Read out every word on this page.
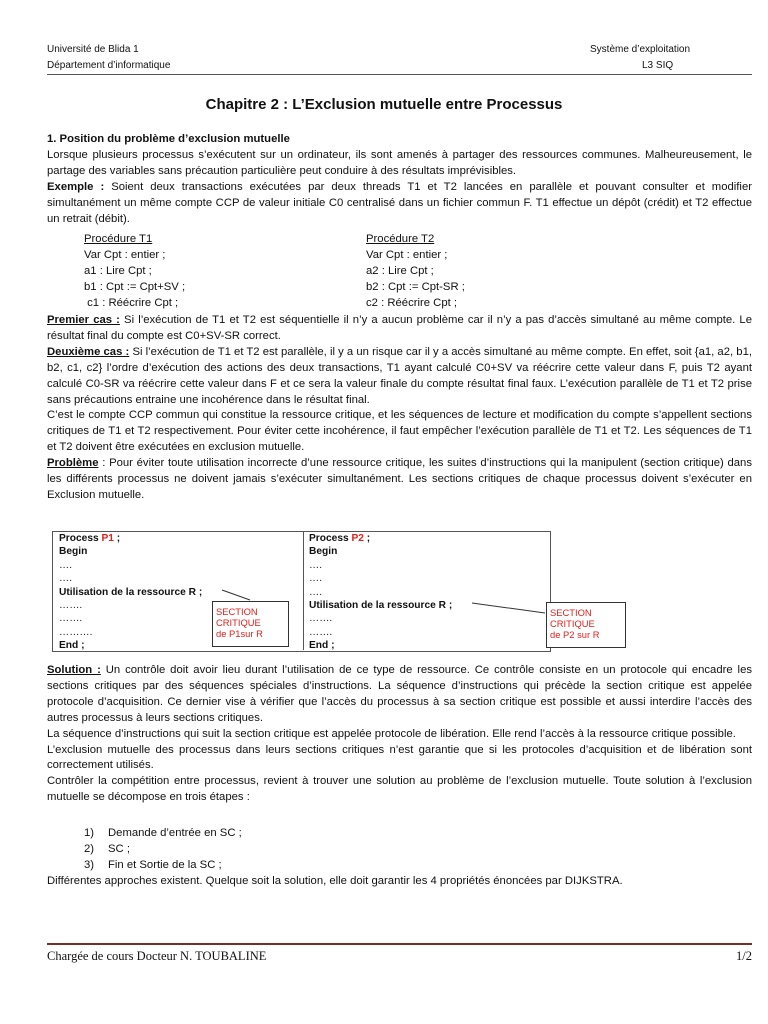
Université de Blida 1
Département d’informatique
Système d’exploitation
L3 SIQ
Chapitre 2 : L’Exclusion mutuelle entre Processus
1. Position du problème d’exclusion mutuelle
Lorsque plusieurs processus s’exécutent sur un ordinateur, ils sont amenés à partager des ressources communes. Malheureusement, le partage des variables sans précaution particulière peut conduire à des résultats imprévisibles.
Exemple : Soient deux transactions exécutées par deux threads T1 et T2 lancées en parallèle et pouvant consulter et modifier simultanément un même compte CCP de valeur initiale C0 centralisé dans un fichier commun F. T1 effectue un dépôt (crédit) et T2 effectue un retrait (débit).
Procédure T1
Var Cpt : entier ;
a1 : Lire Cpt ;
b1 : Cpt := Cpt+SV ;
c1 : Réécrire Cpt ;
Procédure T2
Var Cpt : entier ;
a2 : Lire Cpt ;
b2 : Cpt := Cpt-SR ;
c2 : Réécrire Cpt ;
Premier cas : Si l’exécution de T1 et T2 est séquentielle il n’y a aucun problème car il n’y a pas d’accès simultané au même compte. Le résultat final du compte est C0+SV-SR correct.
Deuxième cas : Si l’exécution de T1 et T2 est parallèle, il y a un risque car il y a accès simultané au même compte. En effet, soit {a1, a2, b1, b2, c1, c2} l’ordre d’exécution des actions des deux transactions, T1 ayant calculé C0+SV va réécrire cette valeur dans F, puis T2 ayant calculé C0-SR va réécrire cette valeur dans F et ce sera la valeur finale du compte résultat final faux. L’exécution parallèle de T1 et T2 prise sans précautions entraine une incohérence dans le résultat final.
C’est le compte CCP commun qui constitue la ressource critique, et les séquences de lecture et modification du compte s’appellent sections critiques de T1 et T2 respectivement. Pour éviter cette incohérence, il faut empêcher l’exécution parallèle de T1 et T2. Les séquences de T1 et T2 doivent être exécutées en exclusion mutuelle.
Problème : Pour éviter toute utilisation incorrecte d’une ressource critique, les suites d’instructions qui la manipulent (section critique) dans les différents processus ne doivent jamais s’exécuter simultanément. Les sections critiques de chaque processus doivent s’exécuter en Exclusion mutuelle.
Process P1 ;
Begin
….
….
Utilisation de la ressource R ;
…….
…….
……….
End ;
Process P2 ;
Begin
….
….
….
Utilisation de la ressource R ;
…….
…….
End ;
SECTION
CRITIQUE
de P1sur R
SECTION
CRITIQUE
de P2 sur R
Solution : Un contrôle doit avoir lieu durant l’utilisation de ce type de ressource. Ce contrôle consiste en un protocole qui encadre les sections critiques par des séquences spéciales d’instructions. La séquence d’instructions qui précède la section critique est appelée protocole d’acquisition. Ce dernier vise à vérifier que l’accès du processus à sa section critique est possible et aussi interdire l’accès des autres processus à leurs sections critiques.
La séquence d’instructions qui suit la section critique est appelée protocole de libération. Elle rend l’accès à la ressource critique possible.
L’exclusion mutuelle des processus dans leurs sections critiques n’est garantie que si les protocoles d’acquisition et de libération sont correctement utilisés.
Contrôler la compétition entre processus, revient à trouver une solution au problème de l’exclusion mutuelle. Toute solution à l’exclusion mutuelle se décompose en trois étapes :
1) Demande d’entrée en SC ;
2) SC ;
3) Fin et Sortie de la SC ;
Différentes approches existent. Quelque soit la solution, elle doit garantir les 4 propriétés énoncées par DIJKSTRA.
Chargée de cours Docteur N. TOUBALINE	1/2
